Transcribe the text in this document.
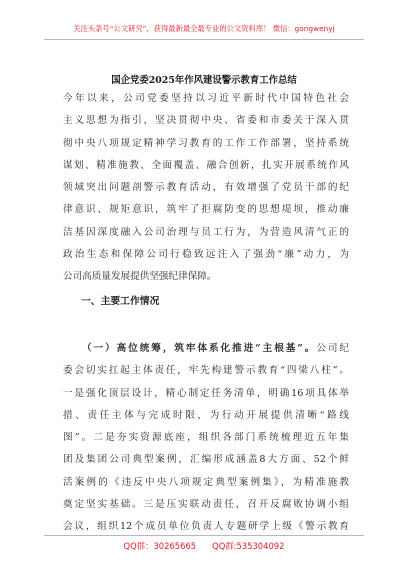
关注头条号“公文研究”，获得最新最全最专业的公文资料库！ 微信：gongwenyj
国企党委2025年作风建设警示教育工作总结
今年以来，公司党委坚持以习近平新时代中国特色社会
主义思想为指引，坚决贯彻中央、省委和市委关于深入贯
彻中央八项规定精神学习教育的工作工作部署，坚持系统
谋划、精准施教、全面覆盖、融合创新，扎实开展系统作风
领域突出问题剖警示教育活动，有效增强了党员干部的纪
律意识、规矩意识，筑牢了拒腐防变的思想堤坝，推动廉
洁基因深度融入公司治理与员工行为，为营造风清气正的
政治生态和保障公司行稳致远注入了强劲“廉”动力，为
公司高质量发展提供坚强纪律保障。
一、主要工作情况
（一）高位统筹，筑牢体系化推进“主根基”。公司纪
委会切实扛起主体责任，牢先构建警示教育“四梁八柱”。
一是强化顶层设计，精心制定任务清单，明确16项具体举
措、责任主体与完成时限，为行动开展提供清晰“路线
图”。二是夯实资源底座，组织各部门系统梳理近五年集
团及集团公司典型案例，汇编形成涵盖8大方面、52个鲜
活案例的《违反中央八项规定典型案例集》，为精准施教
奠定坚实基础。三是压实联动责任，召开反腐败协调小组
会议，组织12个成员单位负责人专题研学上级《警示教育
QQ群：30265665 QQ群:535304092
